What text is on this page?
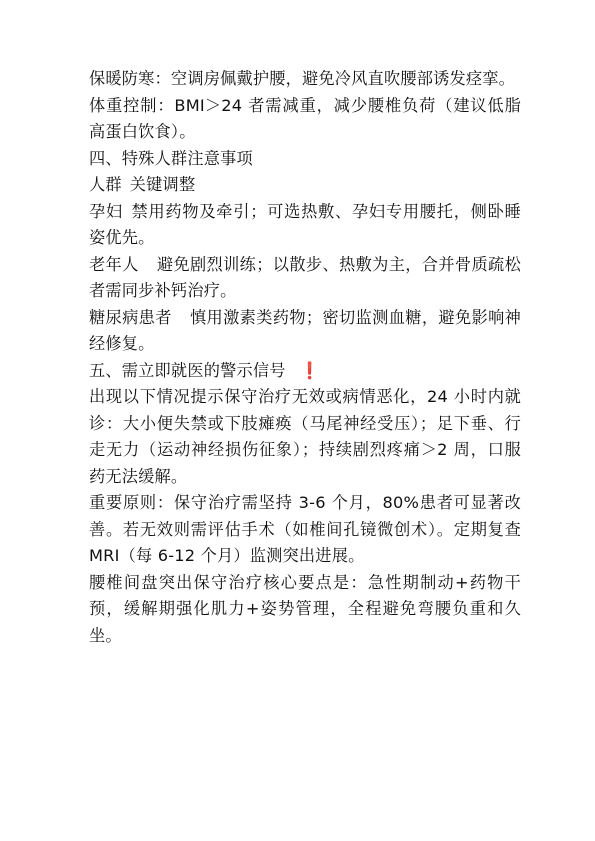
保暖防寒：空调房佩戴护腰，避免冷风直吹腰部诱发痉挛。

体重控制：BMI＞24 者需减重，减少腰椎负荷（建议低脂高蛋白饮食）。

四、特殊人群注意事项

人群 关键调整

孕妇 禁用药物及牵引；可选热敷、孕妇专用腰托，侧卧睡姿优先。

老年人 避免剧烈训练；以散步、热敷为主，合并骨质疏松者需同步补钙治疗。

糖尿病患者 慎用激素类药物；密切监测血糖，避免影响神经修复。

五、需立即就医的警示信号 ❗

出现以下情况提示保守治疗无效或病情恶化，24 小时内就诊：大小便失禁或下肢瘫痪（马尾神经受压）；足下垂、行走无力（运动神经损伤征象）；持续剧烈疼痛＞2 周，口服药无法缓解。

重要原则：保守治疗需坚持 3-6 个月，80%患者可显著改善。若无效则需评估手术（如椎间孔镜微创术）。定期复查 MRI（每 6-12 个月）监测突出进展。

腰椎间盘突出保守治疗核心要点是：急性期制动+药物干预，缓解期强化肌力+姿势管理，全程避免弯腰负重和久坐。
